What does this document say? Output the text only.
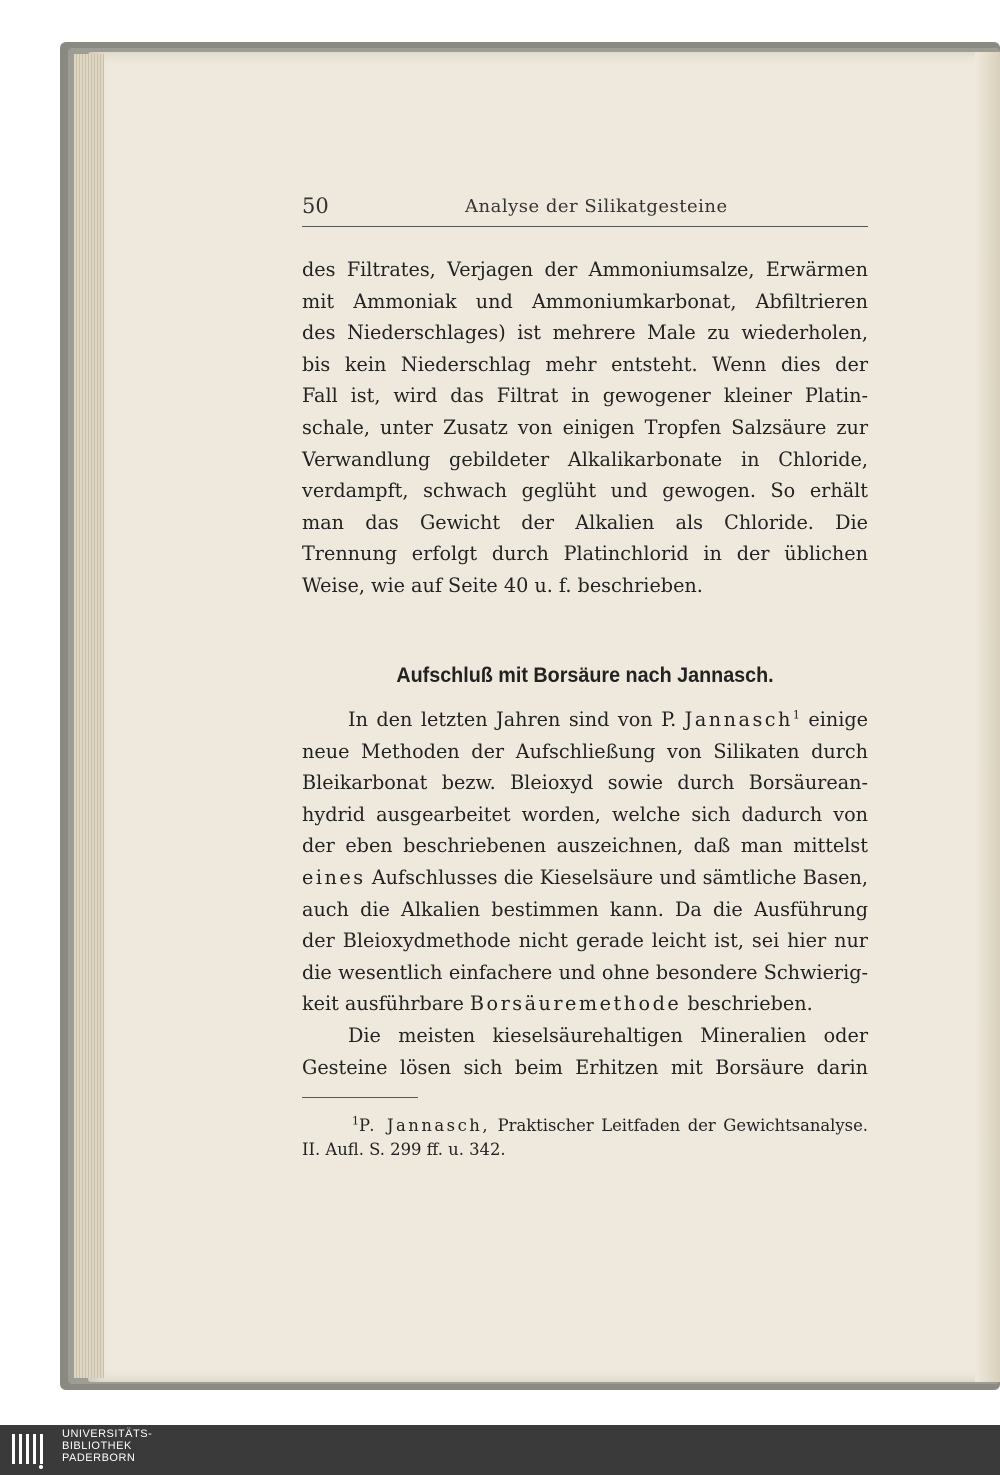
50	Analyse der Silikatgesteine
des Filtrates, Verjagen der Ammoniumsalze, Erwärmen
mit Ammoniak und Ammoniumkarbonat, Abfiltrieren
des Niederschlages) ist mehrere Male zu wiederholen,
bis kein Niederschlag mehr entsteht. Wenn dies der
Fall ist, wird das Filtrat in gewogener kleiner Platin-
schale, unter Zusatz von einigen Tropfen Salzsäure zur
Verwandlung gebildeter Alkalikarbonate in Chloride,
verdampft, schwach geglüht und gewogen. So erhält
man das Gewicht der Alkalien als Chloride. Die
Trennung erfolgt durch Platinchlorid in der üblichen
Weise, wie auf Seite 40 u. f. beschrieben.
Aufschluß mit Borsäure nach Jannasch.
In den letzten Jahren sind von P. Jannasch$^1$ einige
neue Methoden der Aufschließung von Silikaten durch
Bleikarbonat bezw. Bleioxyd sowie durch Borsäurean-
hydrid ausgearbeitet worden, welche sich dadurch von
der eben beschriebenen auszeichnen, daß man mittelst
eines Aufschlusses die Kieselsäure und sämtliche Basen,
auch die Alkalien bestimmen kann. Da die Ausführung
der Bleioxydmethode nicht gerade leicht ist, sei hier nur
die wesentlich einfachere und ohne besondere Schwierig-
keit ausführbare Borsäuremethode beschrieben.
Die meisten kieselsäurehaltigen Mineralien oder
Gesteine lösen sich beim Erhitzen mit Borsäure darin
$^1$P. Jannasch, Praktischer Leitfaden der Gewichtsanalyse.
II. Aufl. S. 299 ff. u. 342.
UNIVERSITÄTS-
BIBLIOTHEK
PADERBORN
